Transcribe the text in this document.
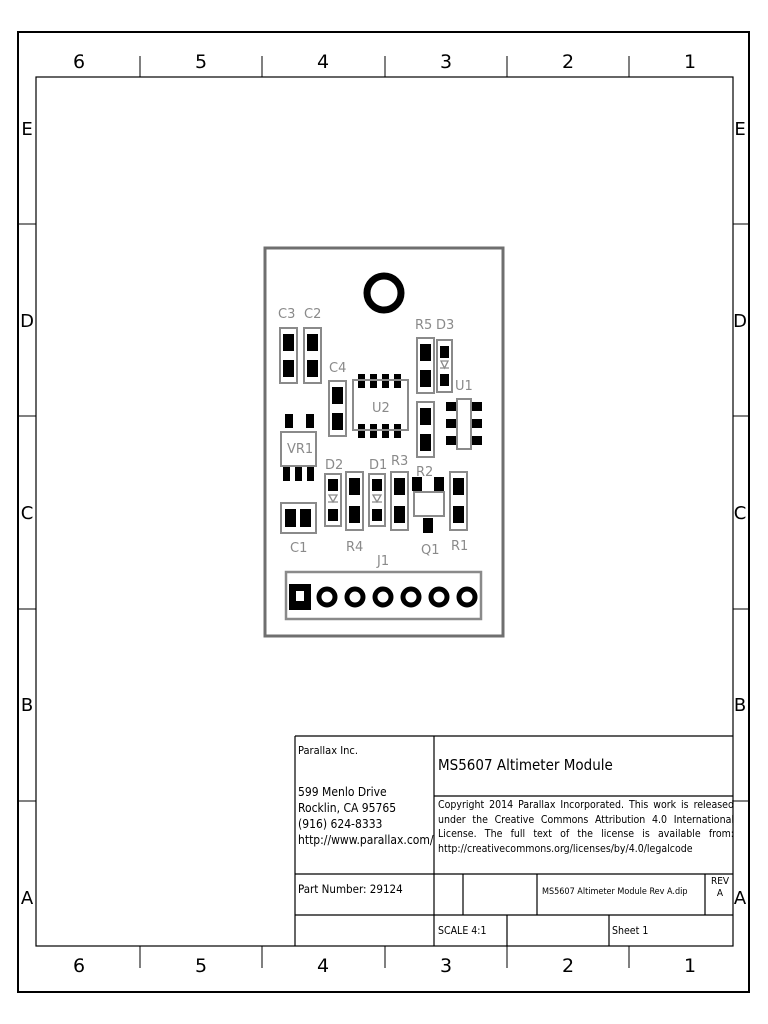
6	5	4	3	2	1
6	5	4	3	2	1
E
D
C
B
A
E
D
C
B
A
C3 C2
C4
U2
R5 D3
U1
VR1
D2 D1 R3
R2
C1	R4
J1
Q1 R1
Parallax Inc.
599 Menlo Drive
Rocklin, CA 95765
(916) 624-8333
http://www.parallax.com/
MS5607 Altimeter Module
Copyright 2014 Parallax Incorporated. This work is released under the Creative Commons Attribution 4.0 International License. The full text of the license is available from: http://creativecommons.org/licenses/by/4.0/legalcode
Part Number: 29124	MS5607 Altimeter Module Rev A.dip
REV
A
SCALE 4:1	Sheet 1
